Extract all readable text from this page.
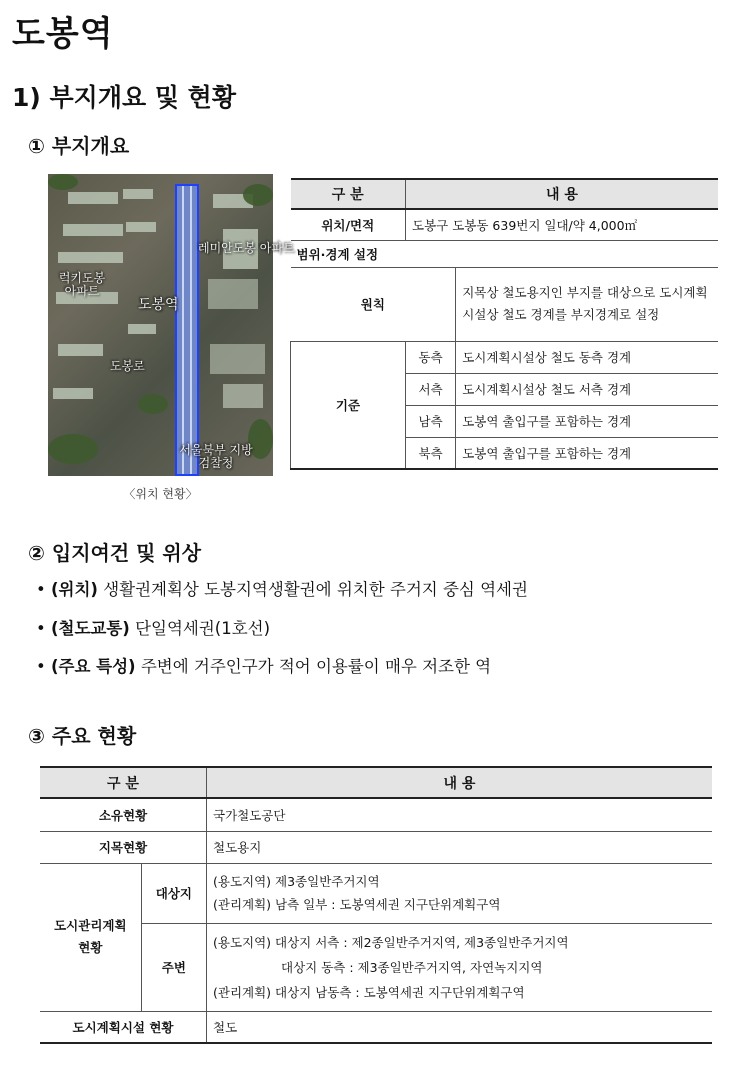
도봉역
1) 부지개요 및 현황
① 부지개요
레미안도봉 아파트
럭키도봉 아파트
도봉역
도봉로
서울북부 지방검찰청
〈위치 현황〉
구 분	내 용	
위치/면적	도봉구 도봉동 639번지 일대/약 4,000㎡	
범위·경계 설정		
원칙		지목상 철도용지인 부지를 대상으로 도시계획시설상 철도 경계를 부지경계로 설정
기준	동측	도시계획시설상 철도 동측 경계
	서측	도시계획시설상 철도 서측 경계
	남측	도봉역 출입구를 포함하는 경계
	북측	도봉역 출입구를 포함하는 경계
② 입지여건 및 위상
• (위치) 생활권계획상 도봉지역생활권에 위치한 주거지 중심 역세권
• (철도교통) 단일역세권(1호선)
• (주요 특성) 주변에 거주인구가 적어 이용률이 매우 저조한 역
③ 주요 현황
구 분		내 용
소유현황		국가철도공단
지목현황		철도용지
도시관리계획 현황	대상지	(용도지역) 제3종일반주거지역
(관리계획) 남측 일부 : 도봉역세권 지구단위계획구역

	주변	(용도지역) 대상지 서측 : 제2종일반주거지역, 제3종일반주거지역
대상지 동측 : 제3종일반주거지역, 자연녹지지역
(관리계획) 대상지 남동측 : 도봉역세권 지구단위계획구역

도시계획시설 현황		철도
